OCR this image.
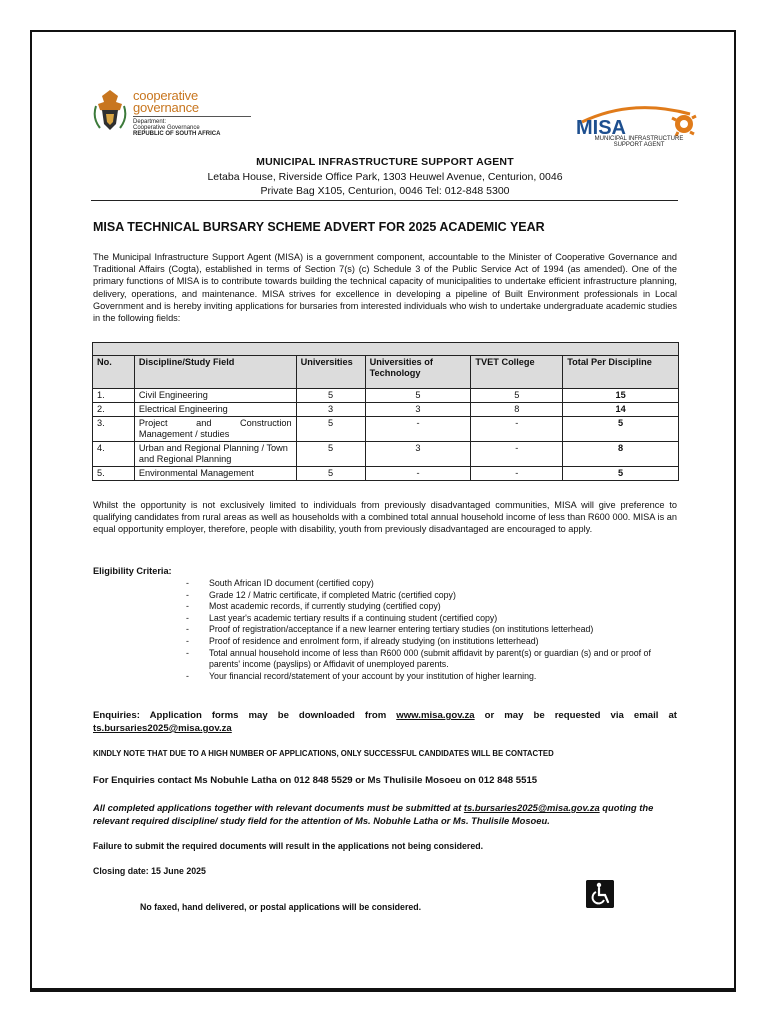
cooperative
governance
Department:
Cooperative Governance
REPUBLIC OF SOUTH AFRICA	MISA
MUNICIPAL INFRASTRUCTURE
SUPPORT AGENT
MUNICIPAL INFRASTRUCTURE SUPPORT AGENT
Letaba House, Riverside Office Park, 1303 Heuwel Avenue, Centurion, 0046
Private Bag X105, Centurion, 0046 Tel: 012-848 5300
MISA TECHNICAL BURSARY SCHEME ADVERT FOR 2025 ACADEMIC YEAR
The Municipal Infrastructure Support Agent (MISA) is a government component, accountable to the Minister of Cooperative Governance and Traditional Affairs (Cogta), established in terms of Section 7(s) (c) Schedule 3 of the Public Service Act of 1994 (as amended). One of the primary functions of MISA is to contribute towards building the technical capacity of municipalities to undertake efficient infrastructure planning, delivery, operations, and maintenance. MISA strives for excellence in developing a pipeline of Built Environment professionals in Local Government and is hereby inviting applications for bursaries from interested individuals who wish to undertake undergraduate academic studies in the following fields:

No.	Discipline/Study Field	Universities	Universities of Technology	TVET College	Total Per Discipline
1.	Civil Engineering	5	5	5	15
2.	Electrical Engineering	3	3	8	14
3.	Project and Construction Management / studies	5	-	-	5
4.	Urban and Regional Planning / Town and Regional Planning	5	3	-	8
5.	Environmental Management	5	-	-	5
Whilst the opportunity is not exclusively limited to individuals from previously disadvantaged communities, MISA will give preference to qualifying candidates from rural areas as well as households with a combined total annual household income of less than R600 000. MISA is an equal opportunity employer, therefore, people with disability, youth from previously disadvantaged are encouraged to apply.
Eligibility Criteria:
- South African ID document (certified copy)
- Grade 12 / Matric certificate, if completed Matric (certified copy)
- Most academic records, if currently studying (certified copy)
- Last year's academic tertiary results if a continuing student (certified copy)
- Proof of registration/acceptance if a new learner entering tertiary studies (on institutions letterhead)
- Proof of residence and enrolment form, if already studying (on institutions letterhead)
- Total annual household income of less than R600 000 (submit affidavit by parent(s) or guardian (s) and or proof of parents' income (payslips) or Affidavit of unemployed parents.
- Your financial record/statement of your account by your institution of higher learning.
Enquiries: Application forms may be downloaded from www.misa.gov.za or may be requested via email at ts.bursaries2025@misa.gov.za
KINDLY NOTE THAT DUE TO A HIGH NUMBER OF APPLICATIONS, ONLY SUCCESSFUL CANDIDATES WILL BE CONTACTED
For Enquiries contact Ms Nobuhle Latha on 012 848 5529 or Ms Thulisile Mosoeu on 012 848 5515
All completed applications together with relevant documents must be submitted at ts.bursaries2025@misa.gov.za quoting the relevant required discipline/ study field for the attention of Ms. Nobuhle Latha or Ms. Thulisile Mosoeu.
Failure to submit the required documents will result in the applications not being considered.
Closing date: 15 June 2025
No faxed, hand delivered, or postal applications will be considered.
